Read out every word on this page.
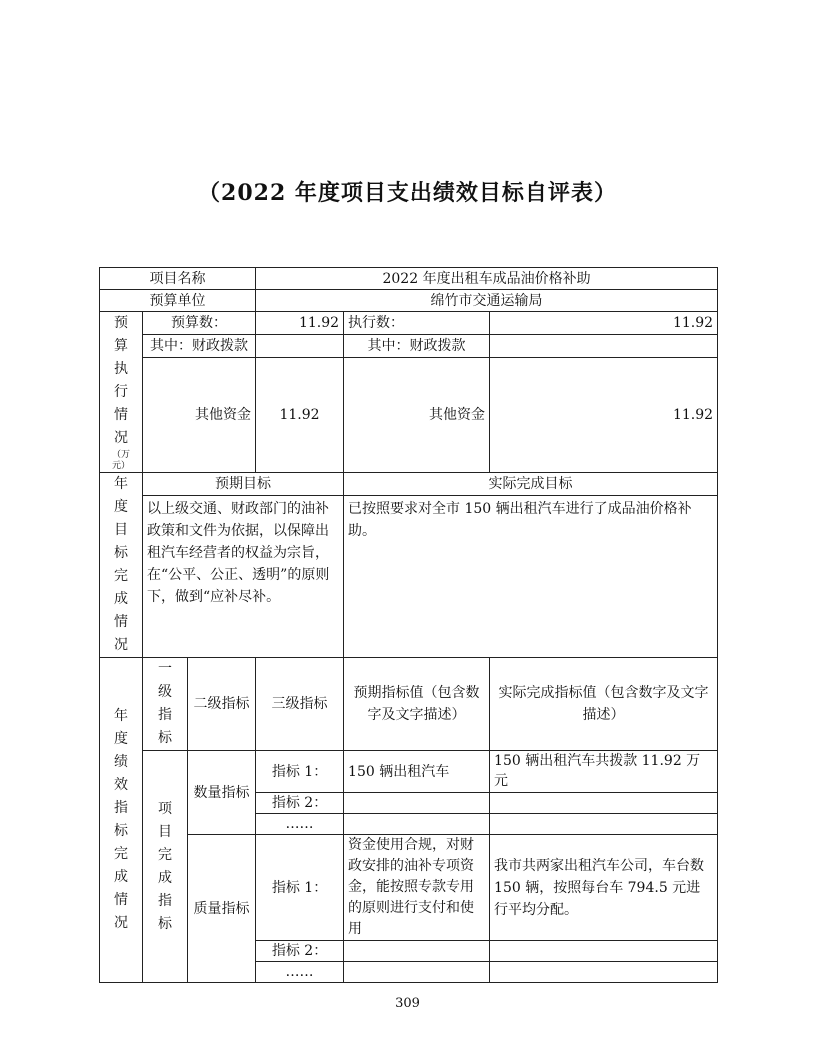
（2022 年度项目支出绩效目标自评表）
项目名称			2022 年度出租车成品油价格补助		
预算单位			绵竹市交通运输局		

预算执行情况
（万元）	预算数：		11.92	执行数：	11.92
	其中：财政拨款			其中：财政拨款	
	其他资金		11.92	其他资金	11.92

年度目标完成情况	预期目标			实际完成目标	
	以上级交通、财政部门的油补政策和文件为依据，以保障出租汽车经营者的权益为宗旨，在“公平、公正、透明”的原则下，做到“应补尽补。			已按照要求对全市 150 辆出租汽车进行了成品油价格补助。	

年度绩效指标完成情况	一级指标	二级指标	三级指标	预期指标值（包含数字及文字描述）	实际完成指标值（包含数字及文字描述）

	项目完成指标	数量指标	指标 1：	150 辆出租汽车	150 辆出租汽车共拨款 11.92 万元
			指标 2：		
			……		
		质量指标	指标 1：	资金使用合规，对财政安排的油补专项资金，能按照专款专用的原则进行支付和使用	我市共两家出租汽车公司，车台数 150 辆，按照每台车 794.5 元进行平均分配。
			指标 2：		
			……		
309
